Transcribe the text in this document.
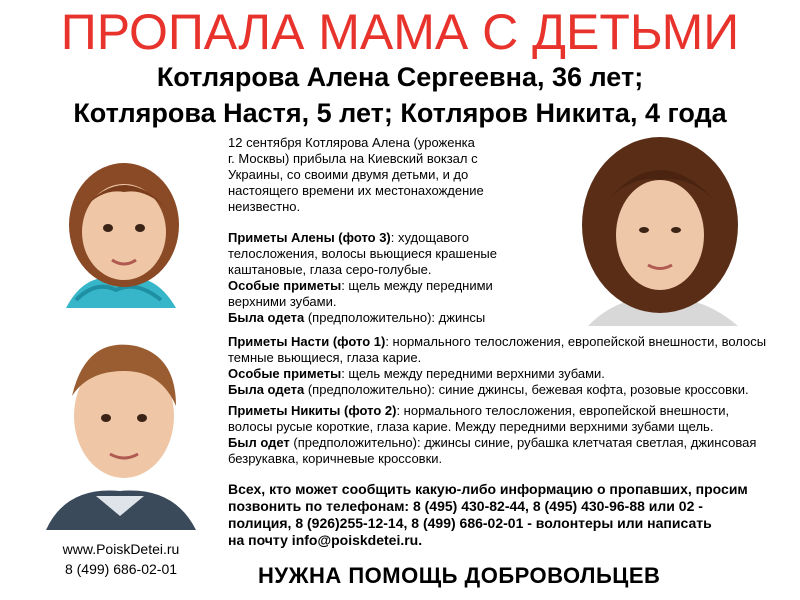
ПРОПАЛА МАМА С ДЕТЬМИ
Котлярова Алена Сергеевна, 36 лет;
Котлярова Настя, 5 лет; Котляров Никита, 4 года
12 сентября Котлярова Алена (уроженка
г. Москвы) прибыла на Киевский вокзал с
Украины, со своими двумя детьми, и до
настоящего времени их местонахождение
неизвестно.
Приметы Алены (фото 3): худощавого
телосложения, волосы вьющиеся крашеные
каштановые, глаза серо-голубые.
Особые приметы: щель между передними
верхними зубами.
Была одета (предположительно): джинсы
Приметы Насти (фото 1): нормального телосложения, европейской внешности, волосы
темные вьющиеся, глаза карие.
Особые приметы: щель между передними верхними зубами.
Была одета (предположительно): синие джинсы, бежевая кофта, розовые кроссовки.
Приметы Никиты (фото 2): нормального телосложения, европейской внешности,
волосы русые короткие, глаза карие. Между передними верхними зубами щель.
Был одет (предположительно): джинсы синие, рубашка клетчатая светлая, джинсовая
безрукавка, коричневые кроссовки.
Всех, кто может сообщить какую-либо информацию о пропавших, просим
позвонить по телефонам: 8 (495) 430-82-44, 8 (495) 430-96-88 или 02 -
полиция, 8 (926)255-12-14, 8 (499) 686-02-01 - волонтеры или написать
на почту info@poiskdetei.ru.
www.PoiskDetei.ru
8 (499) 686-02-01	НУЖНА ПОМОЩЬ ДОБРОВОЛЬЦЕВ
